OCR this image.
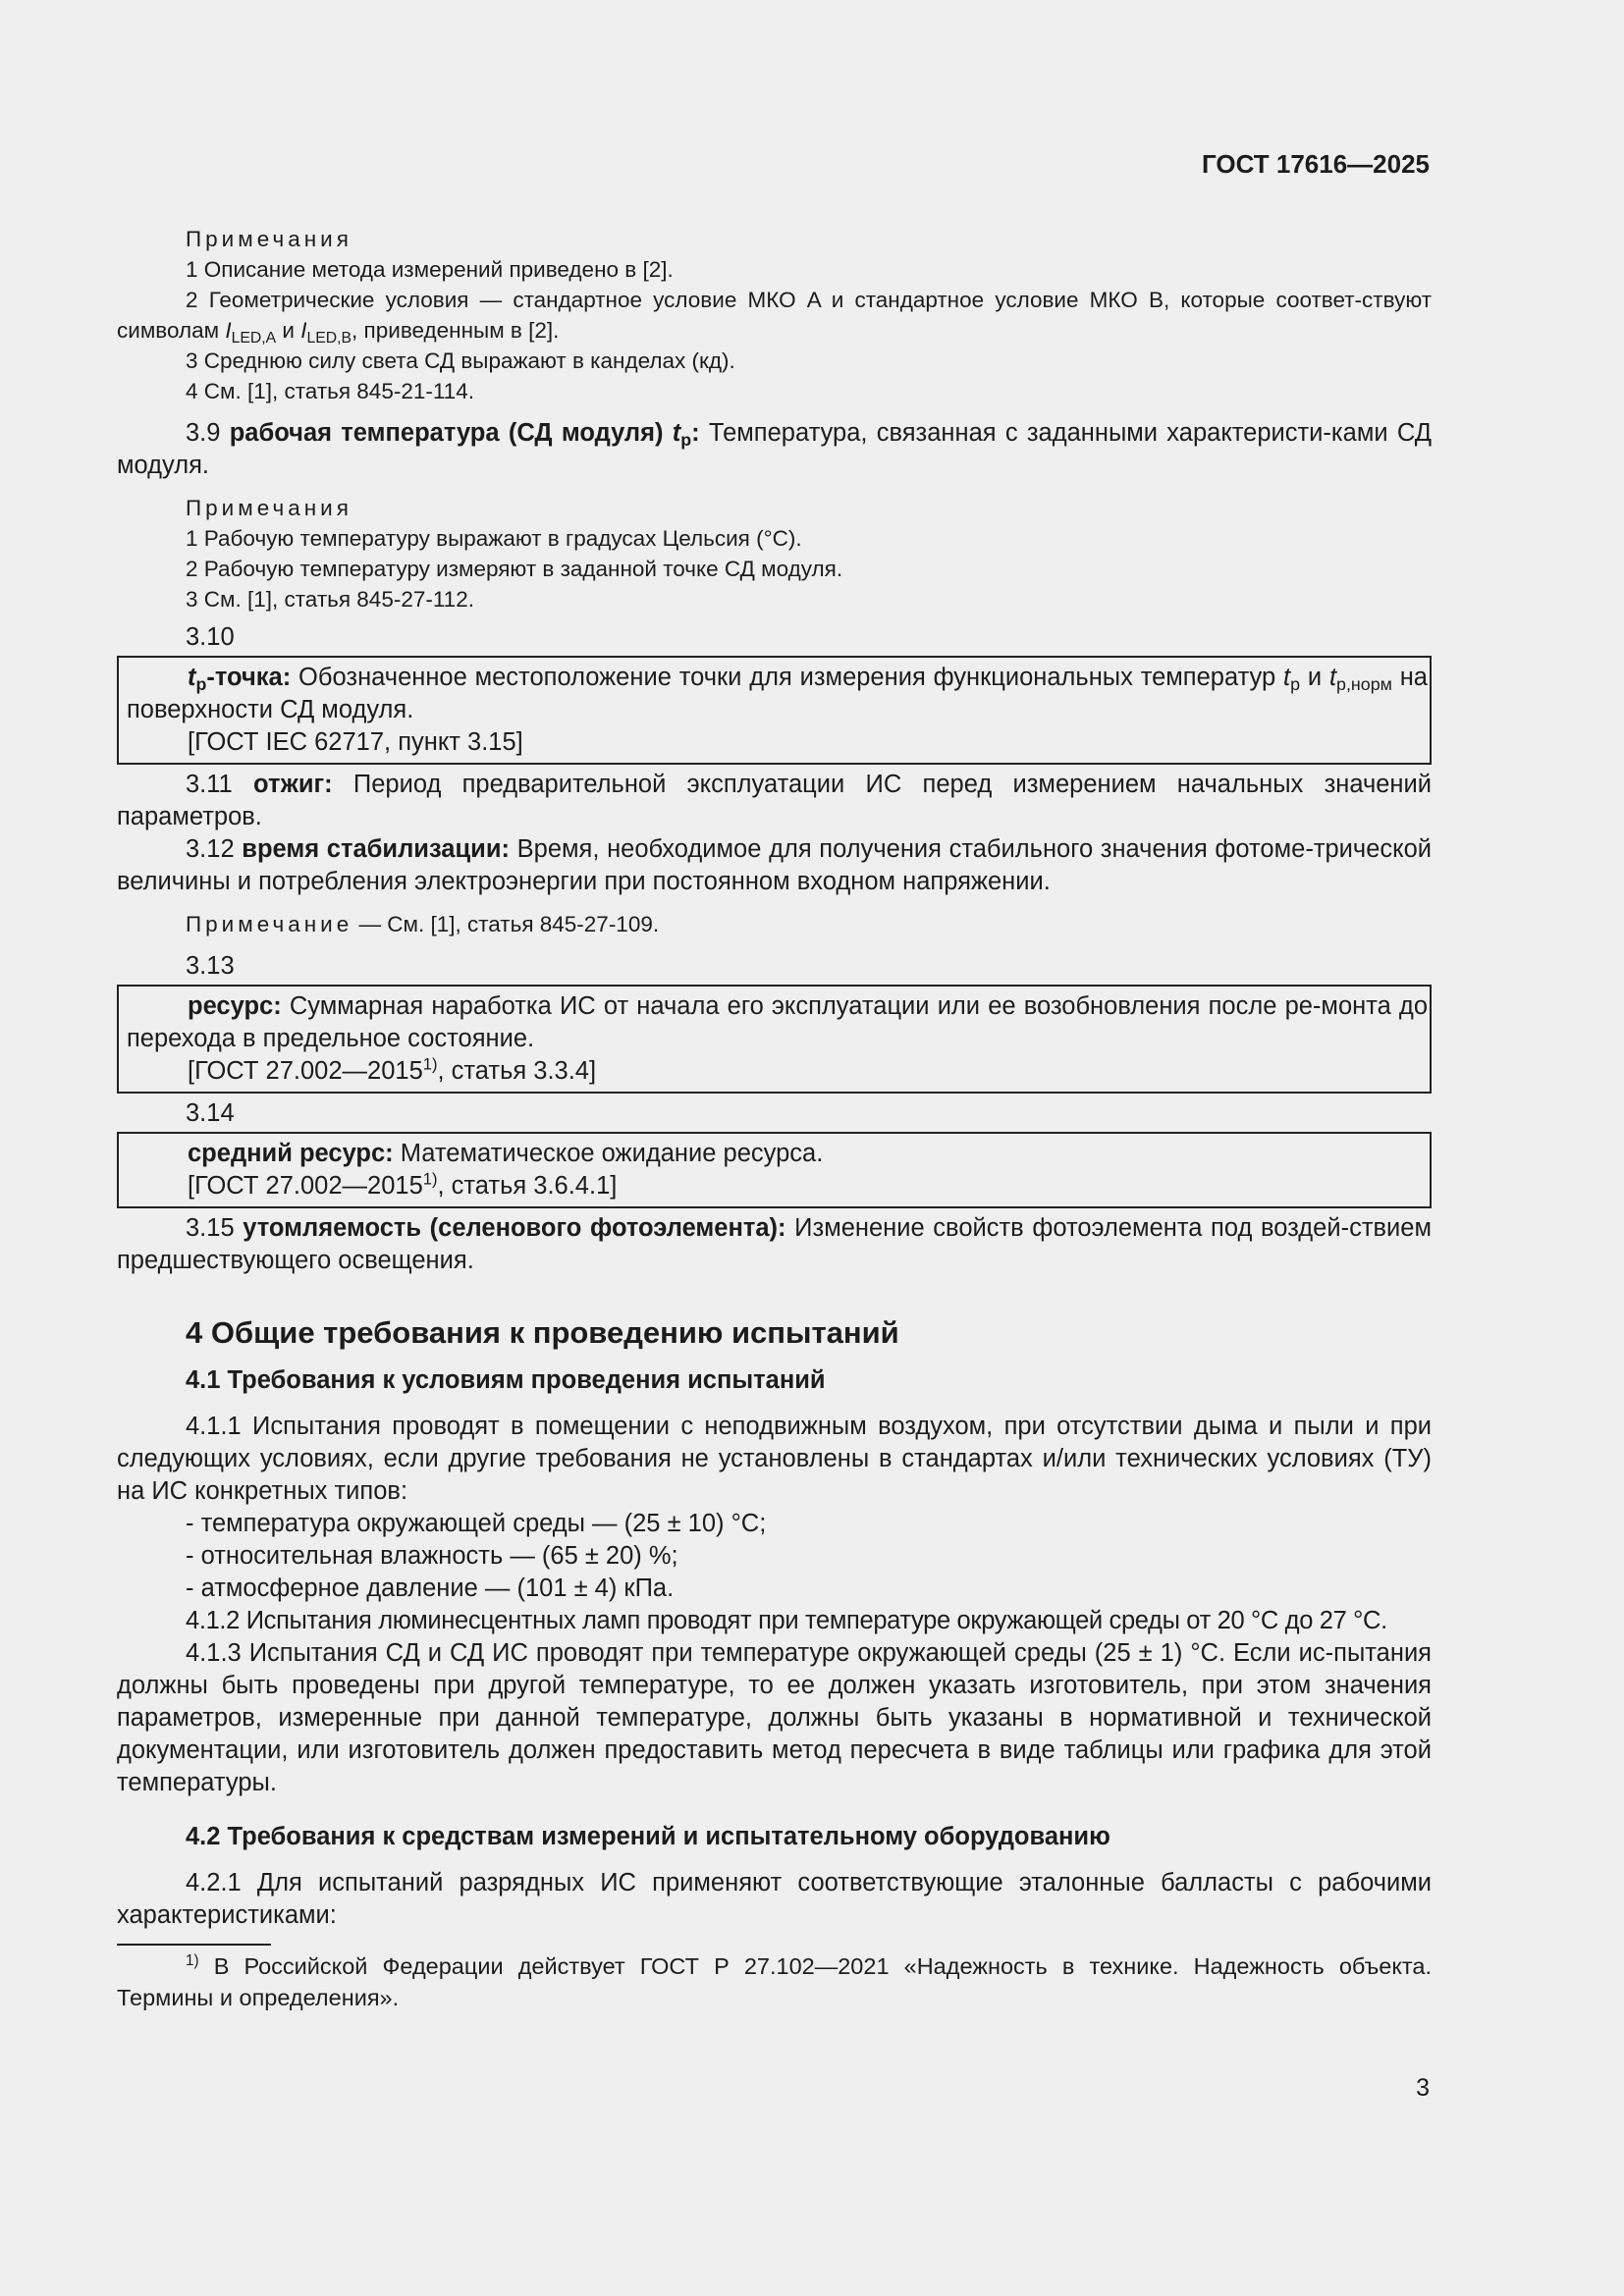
ГОСТ 17616—2025

Примечания

1 Описание метода измерений приведено в [2].

2 Геометрические условия — стандартное условие МКО A и стандартное условие МКО B, которые соответ-ствуют символам $I_{LED,A}$ и $I_{LED,B}$, приведенным в [2].

3 Среднюю силу света СД выражают в канделах (кд).

4 См. [1], статья 845-21-114.

3.9 рабочая температура (СД модуля) $t_p$: Температура, связанная с заданными характеристи-ками СД модуля.

Примечания

1 Рабочую температуру выражают в градусах Цельсия (°С).

2 Рабочую температуру измеряют в заданной точке СД модуля.

3 См. [1], статья 845-27-112.

3.10

$t_p$-точка: Обозначенное местоположение точки для измерения функциональных температур $t_p$ и $t_{p,норм}$ на поверхности СД модуля.

[ГОСТ IEC 62717, пункт 3.15]

3.11 отжиг: Период предварительной эксплуатации ИС перед измерением начальных значений параметров.

3.12 время стабилизации: Время, необходимое для получения стабильного значения фотоме-трической величины и потребления электроэнергии при постоянном входном напряжении.

Примечание — См. [1], статья 845-27-109.

3.13

ресурс: Суммарная наработка ИС от начала его эксплуатации или ее возобновления после ре-монта до перехода в предельное состояние.

[ГОСТ 27.002—2015$^{1)}$, статья 3.3.4]

3.14

средний ресурс: Математическое ожидание ресурса.

[ГОСТ 27.002—2015$^{1)}$, статья 3.6.4.1]

3.15 утомляемость (селенового фотоэлемента): Изменение свойств фотоэлемента под воздей-ствием предшествующего освещения.

4 Общие требования к проведению испытаний
4.1 Требования к условиям проведения испытаний

4.1.1 Испытания проводят в помещении с неподвижным воздухом, при отсутствии дыма и пыли и при следующих условиях, если другие требования не установлены в стандартах и/или технических условиях (ТУ) на ИС конкретных типов:

- температура окружающей среды — (25 ± 10) °С;

- относительная влажность — (65 ± 20) %;

- атмосферное давление — (101 ± 4) кПа.

4.1.2 Испытания люминесцентных ламп проводят при температуре окружающей среды от 20 °С до 27 °С.

4.1.3 Испытания СД и СД ИС проводят при температуре окружающей среды (25 ± 1) °С. Если ис-пытания должны быть проведены при другой температуре, то ее должен указать изготовитель, при этом значения параметров, измеренные при данной температуре, должны быть указаны в нормативной и технической документации, или изготовитель должен предоставить метод пересчета в виде таблицы или графика для этой температуры.

4.2 Требования к средствам измерений и испытательному оборудованию

4.2.1 Для испытаний разрядных ИС применяют соответствующие эталонные балласты с рабочими характеристиками:

$^{1)}$ В Российской Федерации действует ГОСТ Р 27.102—2021 «Надежность в технике. Надежность объекта. Термины и определения».

3
